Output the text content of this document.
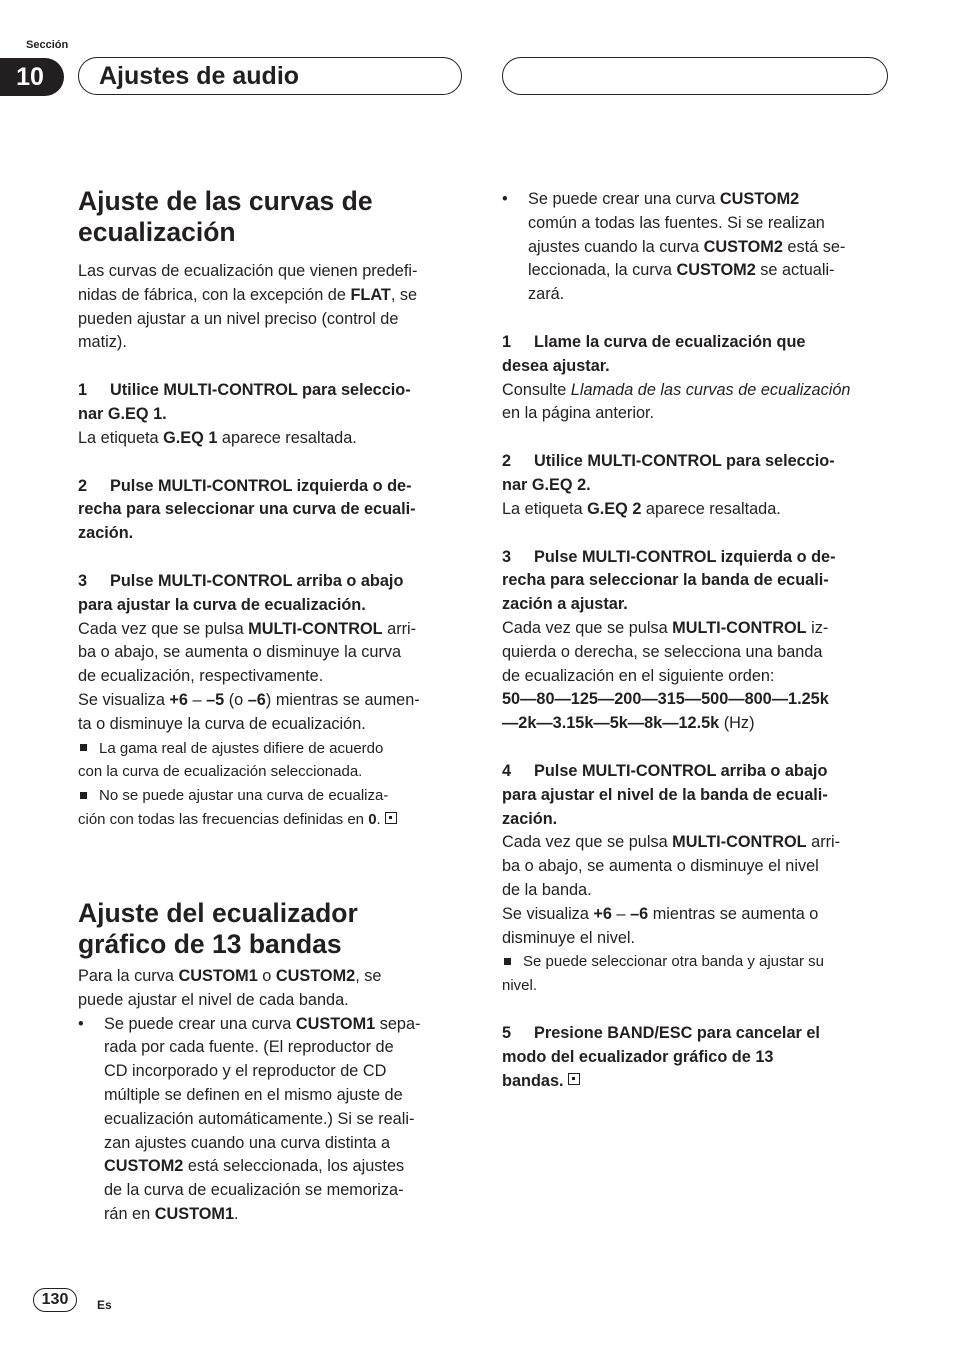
Sección
10	Ajustes de audio
Ajuste de las curvas de
ecualización

Las curvas de ecualización que vienen predefi-
nidas de fábrica, con la excepción de FLAT, se
pueden ajustar a un nivel preciso (control de
matiz).

1 Utilice MULTI-CONTROL para seleccio-
nar G.EQ 1.

La etiqueta G.EQ 1 aparece resaltada.

2 Pulse MULTI-CONTROL izquierda o de-
recha para seleccionar una curva de ecuali-
zación.

3 Pulse MULTI-CONTROL arriba o abajo
para ajustar la curva de ecualización.

Cada vez que se pulsa MULTI-CONTROL arri-
ba o abajo, se aumenta o disminuye la curva
de ecualización, respectivamente.
Se visualiza +6 – –5 (o –6) mientras se aumen-
ta o disminuye la curva de ecualización.

La gama real de ajustes difiere de acuerdo
con la curva de ecualización seleccionada.

No se puede ajustar una curva de ecualiza-
ción con todas las frecuencias definidas en 0.

Ajuste del ecualizador
gráfico de 13 bandas

Para la curva CUSTOM1 o CUSTOM2, se
puede ajustar el nivel de cada banda.

•	Se puede crear una curva CUSTOM1 sepa-
rada por cada fuente. (El reproductor de
CD incorporado y el reproductor de CD
múltiple se definen en el mismo ajuste de
ecualización automáticamente.) Si se reali-
zan ajustes cuando una curva distinta a
CUSTOM2 está seleccionada, los ajustes
de la curva de ecualización se memoriza-
rán en CUSTOM1.

•	Se puede crear una curva CUSTOM2
común a todas las fuentes. Si se realizan
ajustes cuando la curva CUSTOM2 está se-
leccionada, la curva CUSTOM2 se actuali-
zará.

1 Llame la curva de ecualización que
desea ajustar.

Consulte Llamada de las curvas de ecualización
en la página anterior.

2 Utilice MULTI-CONTROL para seleccio-
nar G.EQ 2.

La etiqueta G.EQ 2 aparece resaltada.

3 Pulse MULTI-CONTROL izquierda o de-
recha para seleccionar la banda de ecuali-
zación a ajustar.

Cada vez que se pulsa MULTI-CONTROL iz-
quierda o derecha, se selecciona una banda
de ecualización en el siguiente orden:
50—80—125—200—315—500—800—1.25k
—2k—3.15k—5k—8k—12.5k (Hz)

4 Pulse MULTI-CONTROL arriba o abajo
para ajustar el nivel de la banda de ecuali-
zación.

Cada vez que se pulsa MULTI-CONTROL arri-
ba o abajo, se aumenta o disminuye el nivel
de la banda.
Se visualiza +6 – –6 mientras se aumenta o
disminuye el nivel.

Se puede seleccionar otra banda y ajustar su
nivel.

5 Presione BAND/ESC para cancelar el
modo del ecualizador gráfico de 13
bandas.

130	Es
